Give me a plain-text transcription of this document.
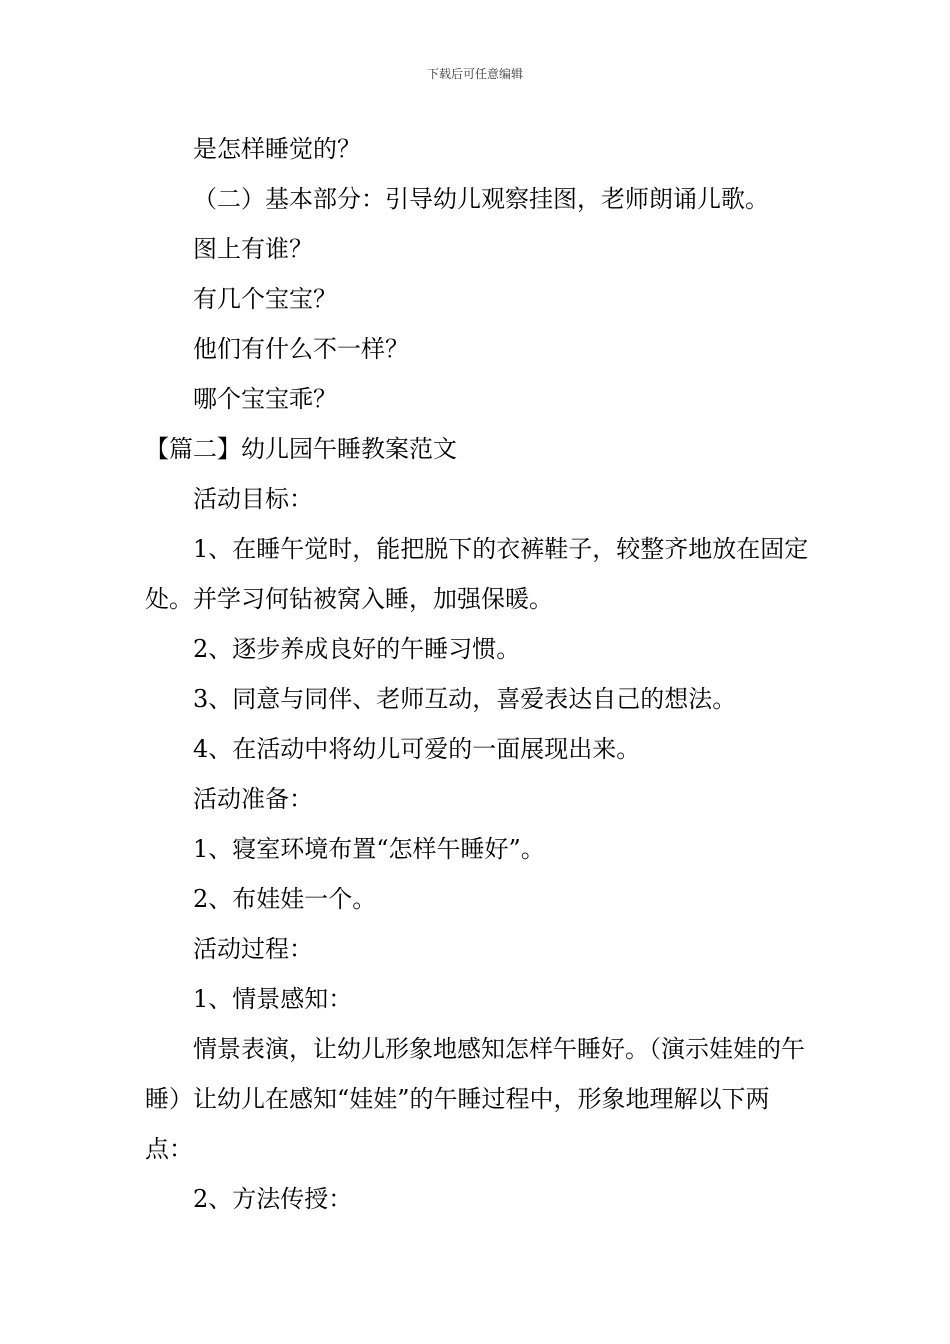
下载后可任意编辑

是怎样睡觉的？

（二）基本部分：引导幼儿观察挂图，老师朗诵儿歌。

图上有谁？

有几个宝宝？

他们有什么不一样？

哪个宝宝乖？

【篇二】幼儿园午睡教案范文

活动目标：

1、在睡午觉时，能把脱下的衣裤鞋子，较整齐地放在固定处。并学习何钻被窝入睡，加强保暖。

2、逐步养成良好的午睡习惯。

3、同意与同伴、老师互动，喜爱表达自己的想法。

4、在活动中将幼儿可爱的一面展现出来。

活动准备：

1、寝室环境布置“怎样午睡好”。

2、布娃娃一个。

活动过程：

1、情景感知：

情景表演，让幼儿形象地感知怎样午睡好。（演示娃娃的午睡）让幼儿在感知“娃娃”的午睡过程中，形象地理解以下两点：

2、方法传授：
